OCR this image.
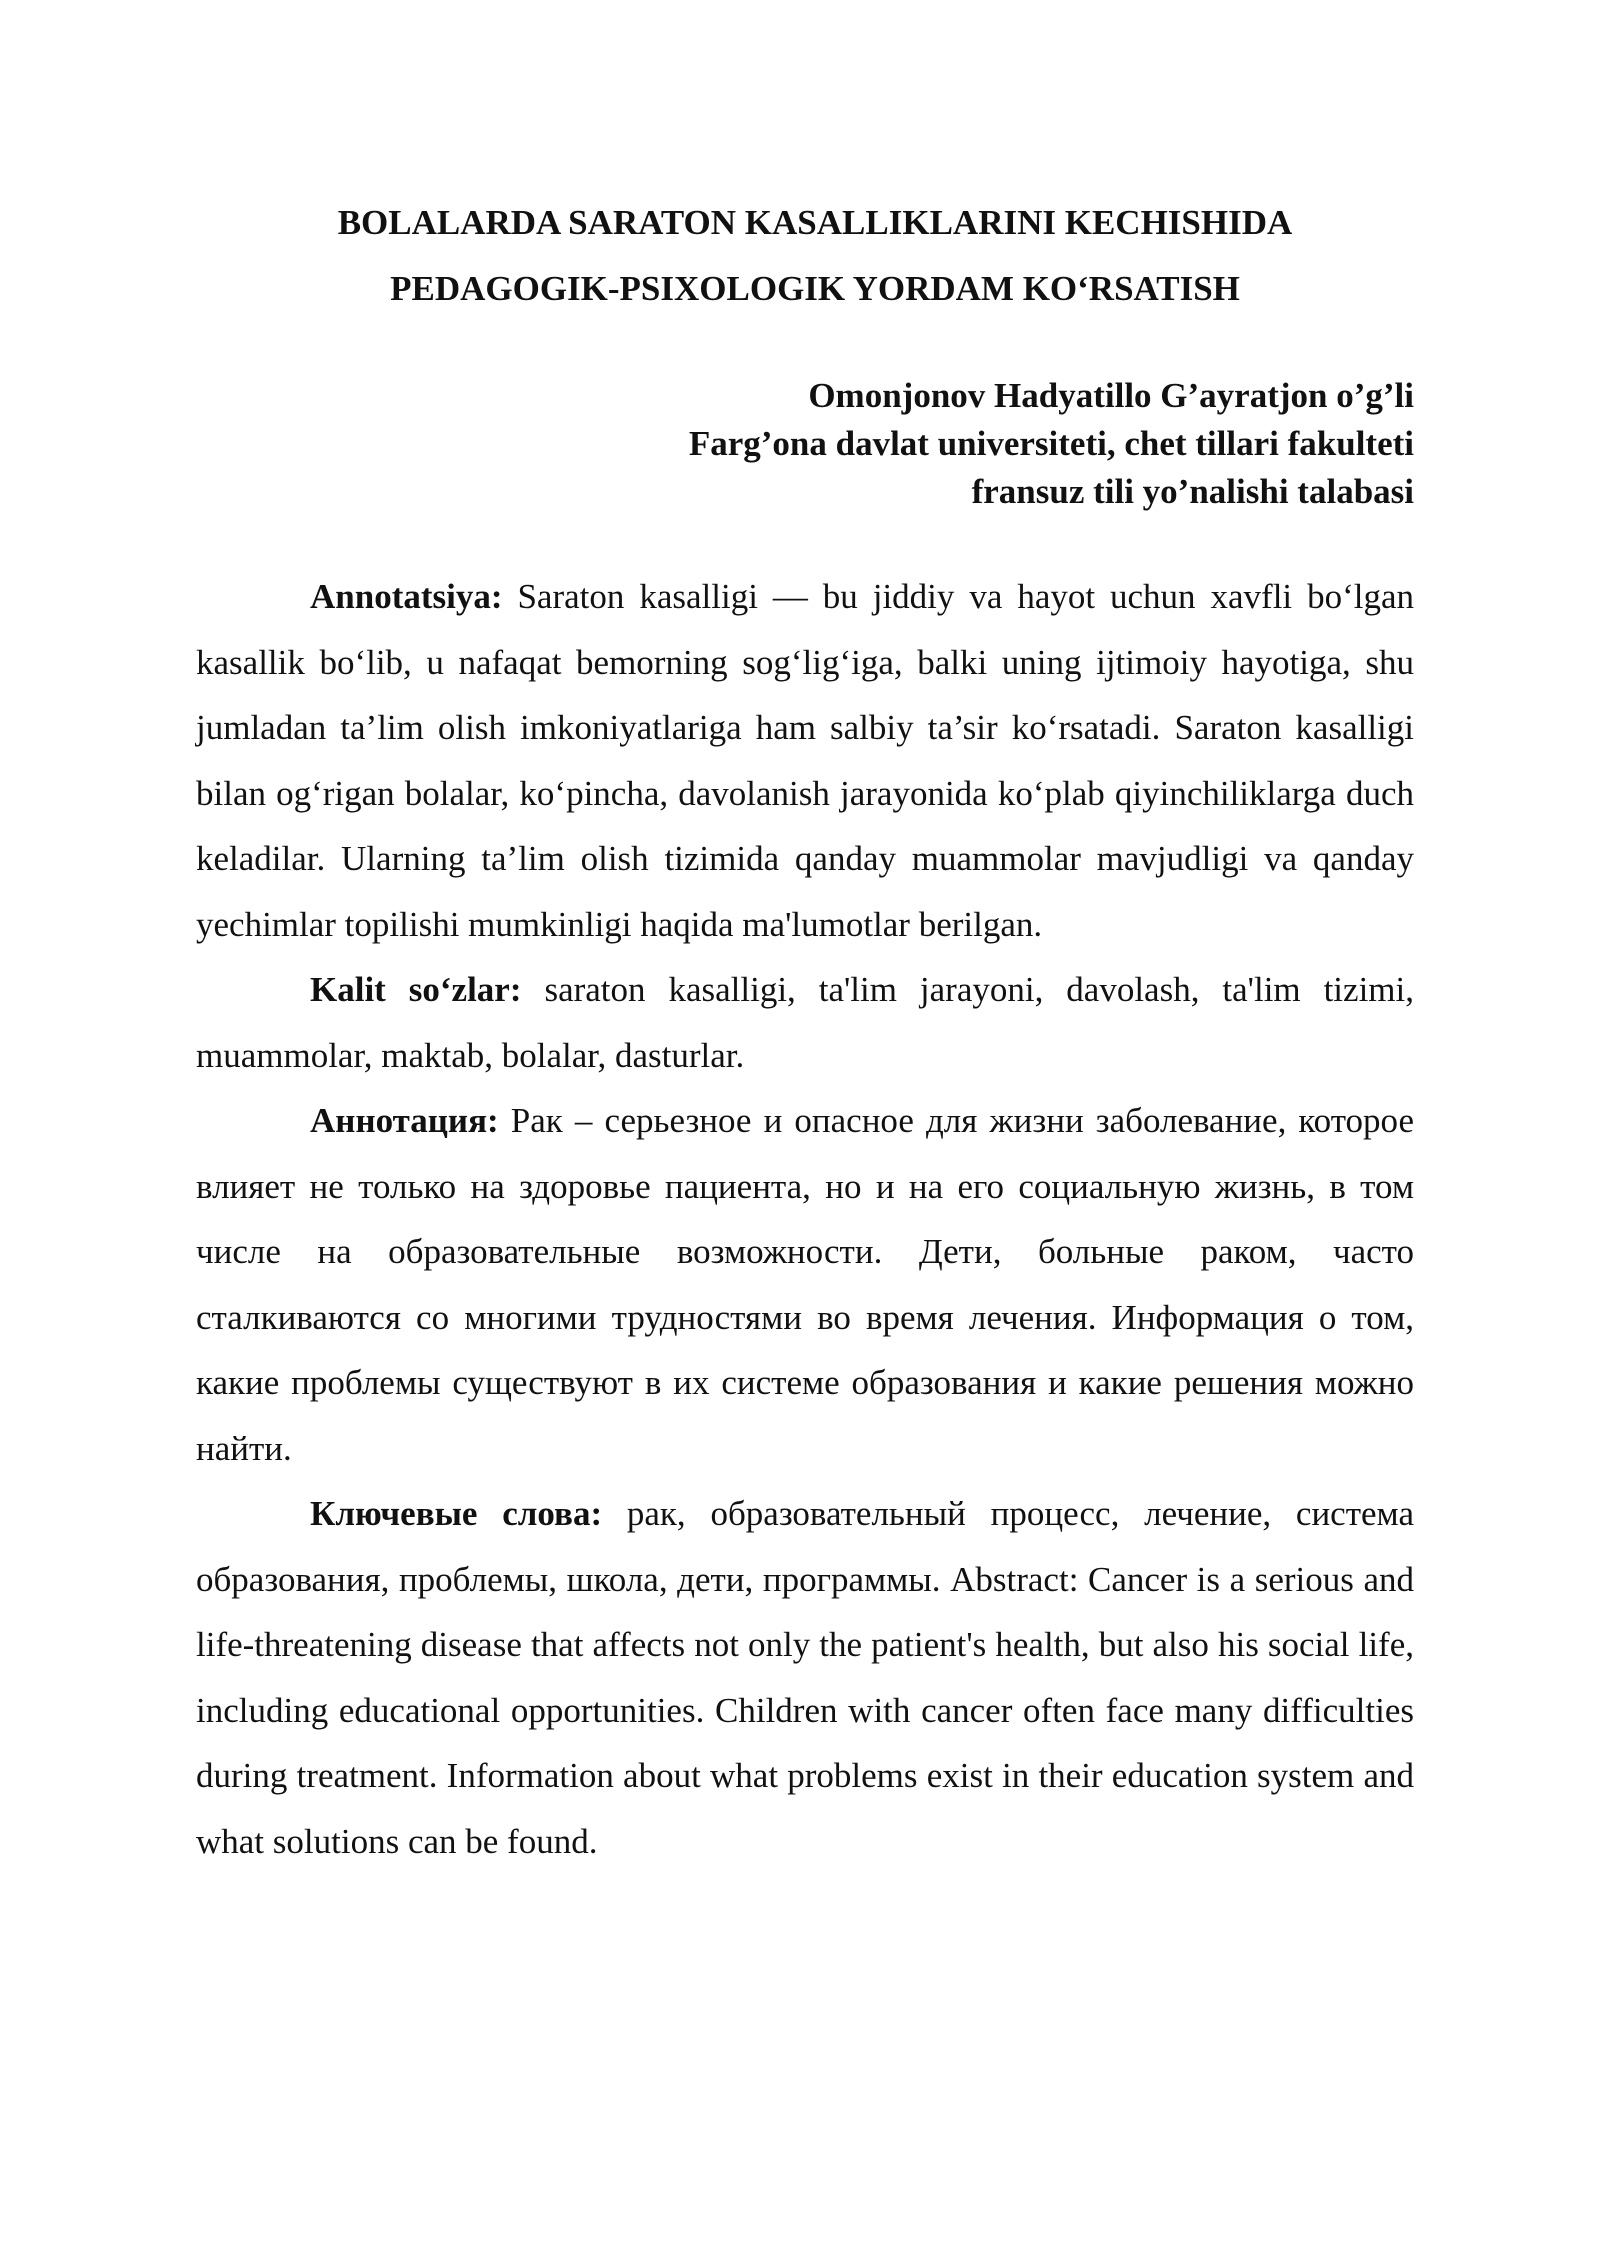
BOLALARDA SARATON KASALLIKLARINI KECHISHIDA
PEDAGOGIK-PSIXOLOGIK YORDAM KO‘RSATISH
Omonjonov Hadyatillo G’ayratjon o’g’li
Farg’ona davlat universiteti, chet tillari fakulteti
fransuz tili yo’nalishi talabasi

Annotatsiya: Saraton kasalligi — bu jiddiy va hayot uchun xavfli bo‘lgan kasallik bo‘lib, u nafaqat bemorning sog‘lig‘iga, balki uning ijtimoiy hayotiga, shu jumladan ta’lim olish imkoniyatlariga ham salbiy ta’sir ko‘rsatadi. Saraton kasalligi bilan og‘rigan bolalar, ko‘pincha, davolanish jarayonida ko‘plab qiyinchiliklarga duch keladilar. Ularning ta’lim olish tizimida qanday muammolar mavjudligi va qanday yechimlar topilishi mumkinligi haqida ma'lumotlar berilgan.

Kalit so‘zlar: saraton kasalligi, ta'lim jarayoni, davolash, ta'lim tizimi, muammolar, maktab, bolalar, dasturlar.

Аннотация: Рак – серьезное и опасное для жизни заболевание, которое влияет не только на здоровье пациента, но и на его социальную жизнь, в том числе на образовательные возможности. Дети, больные раком, часто сталкиваются со многими трудностями во время лечения. Информация о том, какие проблемы существуют в их системе образования и какие решения можно найти.

Ключевые слова: рак, образовательный процесс, лечение, система образования, проблемы, школа, дети, программы. Abstract: Cancer is a serious and life-threatening disease that affects not only the patient's health, but also his social life, including educational opportunities. Children with cancer often face many difficulties during treatment. Information about what problems exist in their education system and what solutions can be found.
